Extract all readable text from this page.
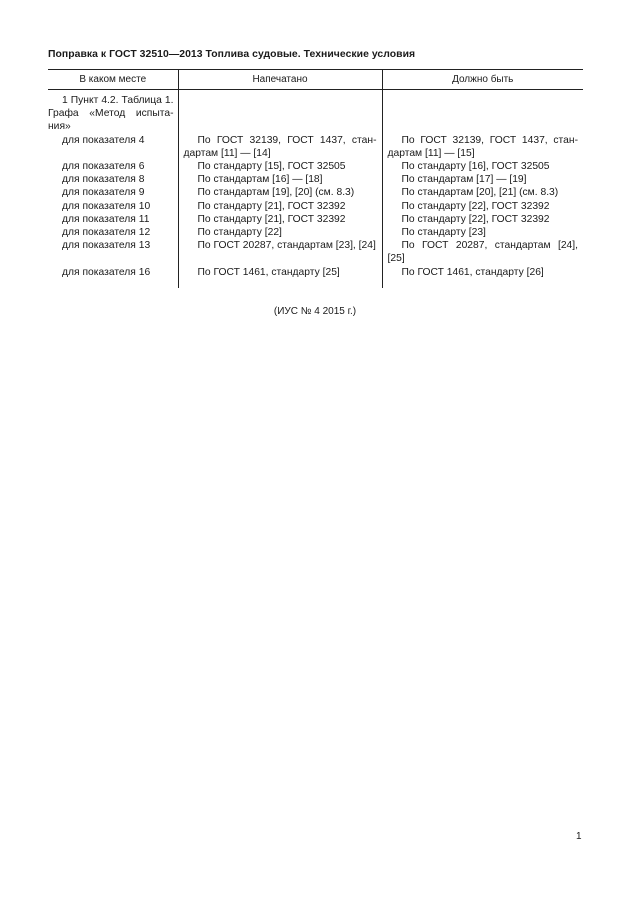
Поправка к ГОСТ 32510—2013 Топлива судовые. Технические условия
В каком месте	Напечатано	Должно быть
1 Пункт 4.2. Таблица 1. Графа «Метод испытания»		
для показателя 4	По ГОСТ 32139, ГОСТ 1437, стандартам [11] — [14]	По ГОСТ 32139, ГОСТ 1437, стандартам [11] — [15]
для показателя 6	По стандарту [15], ГОСТ 32505	По стандарту [16], ГОСТ 32505
для показателя 8	По стандартам [16] — [18]	По стандартам [17] — [19]
для показателя 9	По стандартам [19], [20] (см. 8.3)	По стандартам [20], [21] (см. 8.3)
для показателя 10	По стандарту [21], ГОСТ 32392	По стандарту [22], ГОСТ 32392
для показателя 11	По стандарту [21], ГОСТ 32392	По стандарту [22], ГОСТ 32392
для показателя 12	По стандарту [22]	По стандарту [23]
для показателя 13	По ГОСТ 20287, стандартам [23], [24]	По ГОСТ 20287, стандартам [24], [25]
для показателя 16	По ГОСТ 1461, стандарту [25]	По ГОСТ 1461, стандарту [26]
(ИУС № 4 2015 г.)
1
